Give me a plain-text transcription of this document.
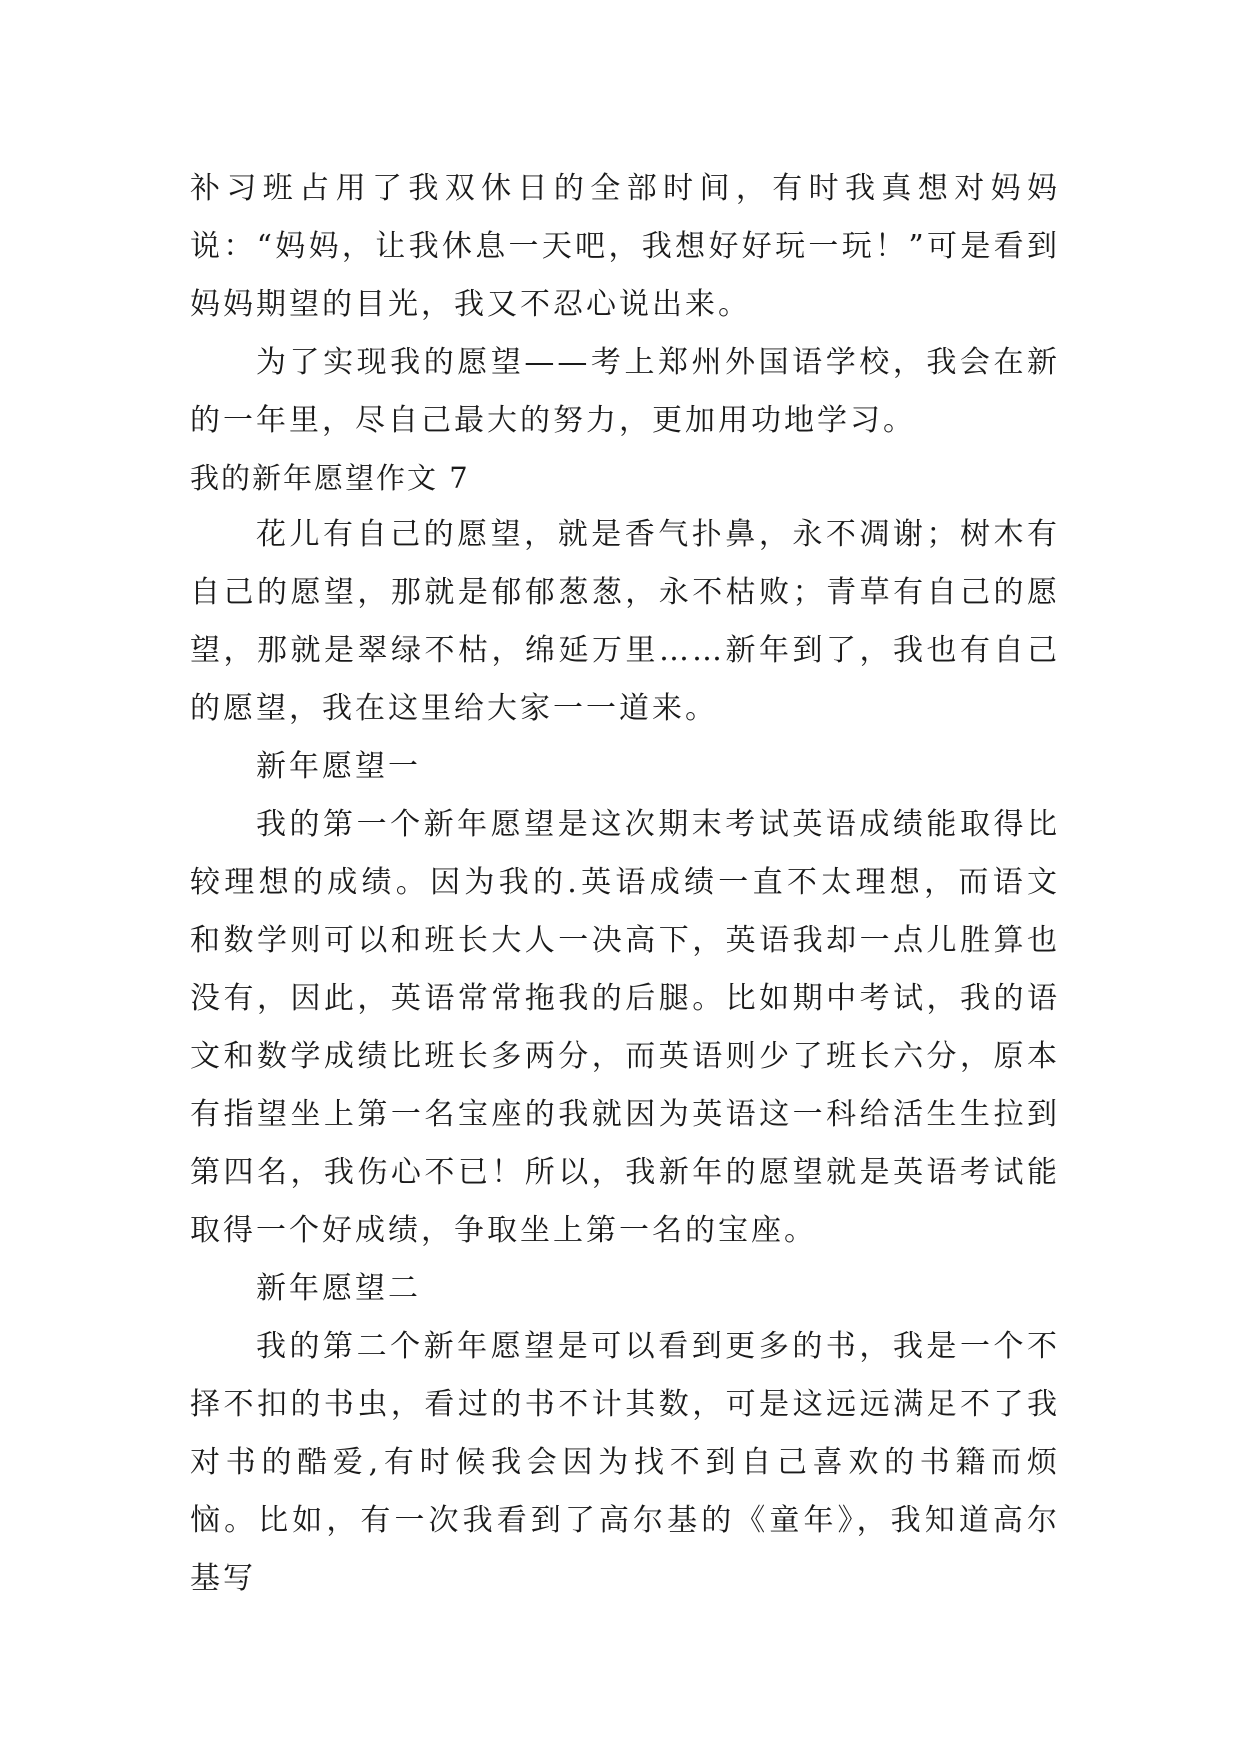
补习班占用了我双休日的全部时间，有时我真想对妈妈说：“妈妈，让我休息一天吧，我想好好玩一玩！”可是看到妈妈期望的目光，我又不忍心说出来。

为了实现我的愿望——考上郑州外国语学校，我会在新的一年里，尽自己最大的努力，更加用功地学习。

我的新年愿望作文 7

花儿有自己的愿望，就是香气扑鼻，永不凋谢；树木有自己的愿望，那就是郁郁葱葱，永不枯败；青草有自己的愿望，那就是翠绿不枯，绵延万里……新年到了，我也有自己的愿望，我在这里给大家一一道来。

新年愿望一

我的第一个新年愿望是这次期末考试英语成绩能取得比较理想的成绩。因为我的.英语成绩一直不太理想，而语文和数学则可以和班长大人一决高下，英语我却一点儿胜算也没有，因此，英语常常拖我的后腿。比如期中考试，我的语文和数学成绩比班长多两分，而英语则少了班长六分，原本有指望坐上第一名宝座的我就因为英语这一科给活生生拉到第四名，我伤心不已！所以，我新年的愿望就是英语考试能取得一个好成绩，争取坐上第一名的宝座。

新年愿望二

我的第二个新年愿望是可以看到更多的书，我是一个不择不扣的书虫，看过的书不计其数，可是这远远满足不了我对书的酷爱,有时候我会因为找不到自己喜欢的书籍而烦恼。比如，有一次我看到了高尔基的《童年》，我知道高尔基写
